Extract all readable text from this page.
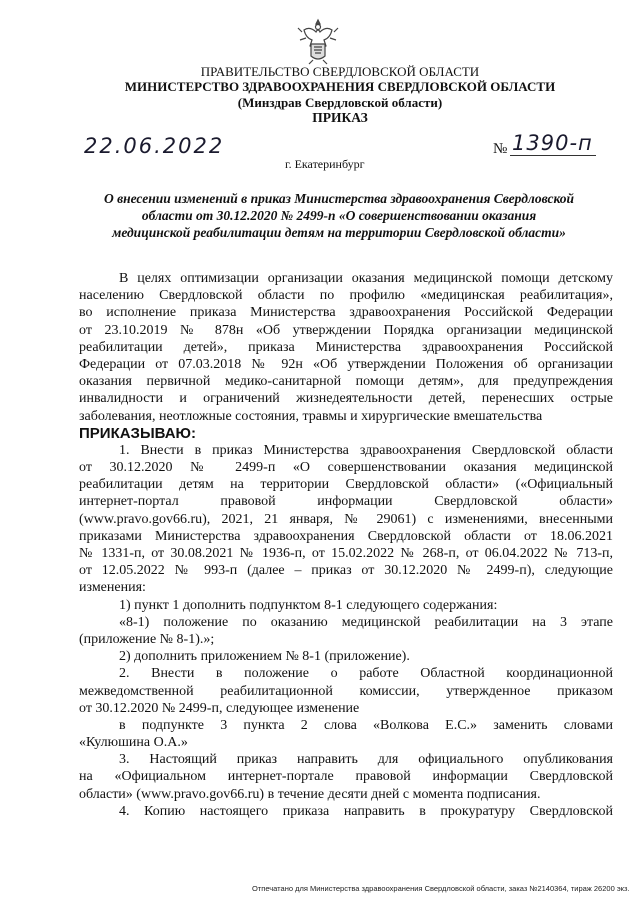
ПРАВИТЕЛЬСТВО СВЕРДЛОВСКОЙ ОБЛАСТИ
МИНИСТЕРСТВО ЗДРАВООХРАНЕНИЯ СВЕРДЛОВСКОЙ ОБЛАСТИ
(Минздрав Свердловской области)
ПРИКАЗ
22.06.2022	№ 1390-п
г. Екатеринбург
О внесении изменений в приказ Министерства здравоохранения Свердловской
области от 30.12.2020 № 2499-п «О совершенствовании оказания
медицинской реабилитации детям на территории Свердловской области»
В целях оптимизации организации оказания медицинской помощи детскому
населению Свердловской области по профилю «медицинская реабилитация»,
во исполнение приказа Министерства здравоохранения Российской Федерации
от 23.10.2019 № 878н «Об утверждении Порядка организации медицинской
реабилитации детей», приказа Министерства здравоохранения Российской
Федерации от 07.03.2018 № 92н «Об утверждении Положения об организации
оказания первичной медико-санитарной помощи детям», для предупреждения
инвалидности и ограничений жизнедеятельности детей, перенесших острые
заболевания, неотложные состояния, травмы и хирургические вмешательства
ПРИКАЗЫВАЮ:
1. Внести в приказ Министерства здравоохранения Свердловской области
от 30.12.2020 № 2499-п «О совершенствовании оказания медицинской
реабилитации детям на территории Свердловской области» («Официальный
интернет-портал правовой информации Свердловской области»
(www.pravo.gov66.ru), 2021, 21 января, № 29061) с изменениями, внесенными
приказами Министерства здравоохранения Свердловской области от 18.06.2021
№ 1331-п, от 30.08.2021 № 1936-п, от 15.02.2022 № 268-п, от 06.04.2022 № 713-п,
от 12.05.2022 № 993-п (далее – приказ от 30.12.2020 № 2499-п), следующие
изменения:
1) пункт 1 дополнить подпунктом 8-1 следующего содержания:
«8-1) положение по оказанию медицинской реабилитации на 3 этапе
(приложение № 8-1).»;
2) дополнить приложением № 8-1 (приложение).
2. Внести в положение о работе Областной координационной
межведомственной реабилитационной комиссии, утвержденное приказом
от 30.12.2020 № 2499-п, следующее изменение
в подпункте 3 пункта 2 слова «Волкова Е.С.» заменить словами
«Кулюшина О.А.»
3. Настоящий приказ направить для официального опубликования
на «Официальном интернет-портале правовой информации Свердловской
области» (www.pravo.gov66.ru) в течение десяти дней с момента подписания.
4. Копию настоящего приказа направить в прокуратуру Свердловской
Отпечатано для Министерства здравоохранения Свердловской области, заказ №2140364, тираж 26200 экз.
